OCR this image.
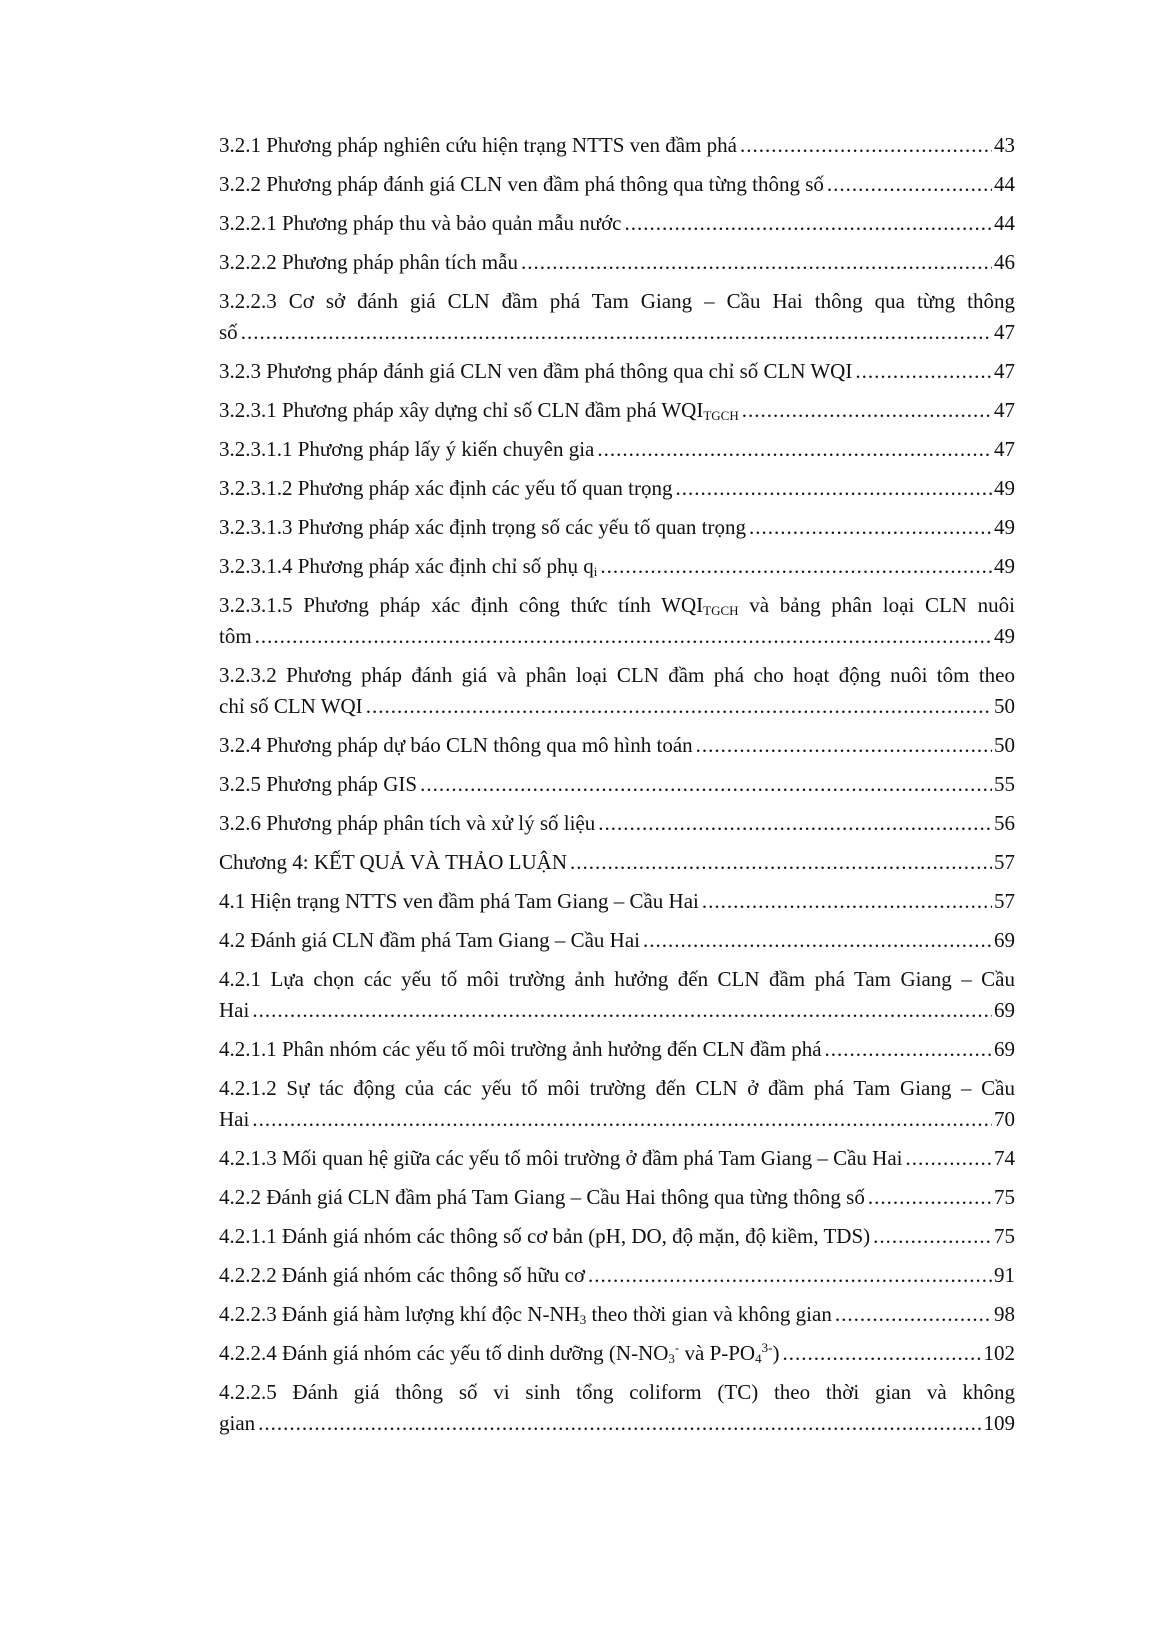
3.2.1 Phương pháp nghiên cứu hiện trạng NTTS ven đầm phá .....	43
3.2.2 Phương pháp đánh giá CLN ven đầm phá thông qua từng thông số .....	44
3.2.2.1 Phương pháp thu và bảo quản mẫu nước .....	44
3.2.2.2 Phương pháp phân tích mẫu .....	46
3.2.2.3 Cơ sở đánh giá CLN đầm phá Tam Giang – Cầu Hai thông qua từng thông
số .....	47
3.2.3 Phương pháp đánh giá CLN ven đầm phá thông qua chỉ số CLN WQI .....	47
3.2.3.1 Phương pháp xây dựng chỉ số CLN đầm phá $WQI_{TGCH}$ .....	47
3.2.3.1.1 Phương pháp lấy ý kiến chuyên gia .....	47
3.2.3.1.2 Phương pháp xác định các yếu tố quan trọng .....	49
3.2.3.1.3 Phương pháp xác định trọng số các yếu tố quan trọng .....	49
3.2.3.1.4 Phương pháp xác định chỉ số phụ $q_i$ .....	49
3.2.3.1.5 Phương pháp xác định công thức tính $WQI_{TGCH}$ và bảng phân loại CLN nuôi
tôm .....	49
3.2.3.2 Phương pháp đánh giá và phân loại CLN đầm phá cho hoạt động nuôi tôm theo
chỉ số CLN WQI .....	50
3.2.4 Phương pháp dự báo CLN thông qua mô hình toán .....	50
3.2.5 Phương pháp GIS .....	55
3.2.6 Phương pháp phân tích và xử lý số liệu .....	56
Chương 4: KẾT QUẢ VÀ THẢO LUẬN .....	57
4.1 Hiện trạng NTTS ven đầm phá Tam Giang – Cầu Hai .....	57
4.2 Đánh giá CLN đầm phá Tam Giang – Cầu Hai .....	69
4.2.1 Lựa chọn các yếu tố môi trường ảnh hưởng đến CLN đầm phá Tam Giang – Cầu
Hai .....	69
4.2.1.1 Phân nhóm các yếu tố môi trường ảnh hưởng đến CLN đầm phá .....	69
4.2.1.2 Sự tác động của các yếu tố môi trường đến CLN ở đầm phá Tam Giang – Cầu
Hai .....	70
4.2.1.3 Mối quan hệ giữa các yếu tố môi trường ở đầm phá Tam Giang – Cầu Hai .....	74
4.2.2 Đánh giá CLN đầm phá Tam Giang – Cầu Hai thông qua từng thông số .....	75
4.2.1.1 Đánh giá nhóm các thông số cơ bản (pH, DO, độ mặn, độ kiềm, TDS) .....	75
4.2.2.2 Đánh giá nhóm các thông số hữu cơ .....	91
4.2.2.3 Đánh giá hàm lượng khí độc $N-NH_3$ theo thời gian và không gian .....	98
4.2.2.4 Đánh giá nhóm các yếu tố dinh dưỡng ($N-NO_3^-$ và $P-PO_4^{3-}$) .....	102
4.2.2.5 Đánh giá thông số vi sinh tổng coliform (TC) theo thời gian và không
gian .....	109
